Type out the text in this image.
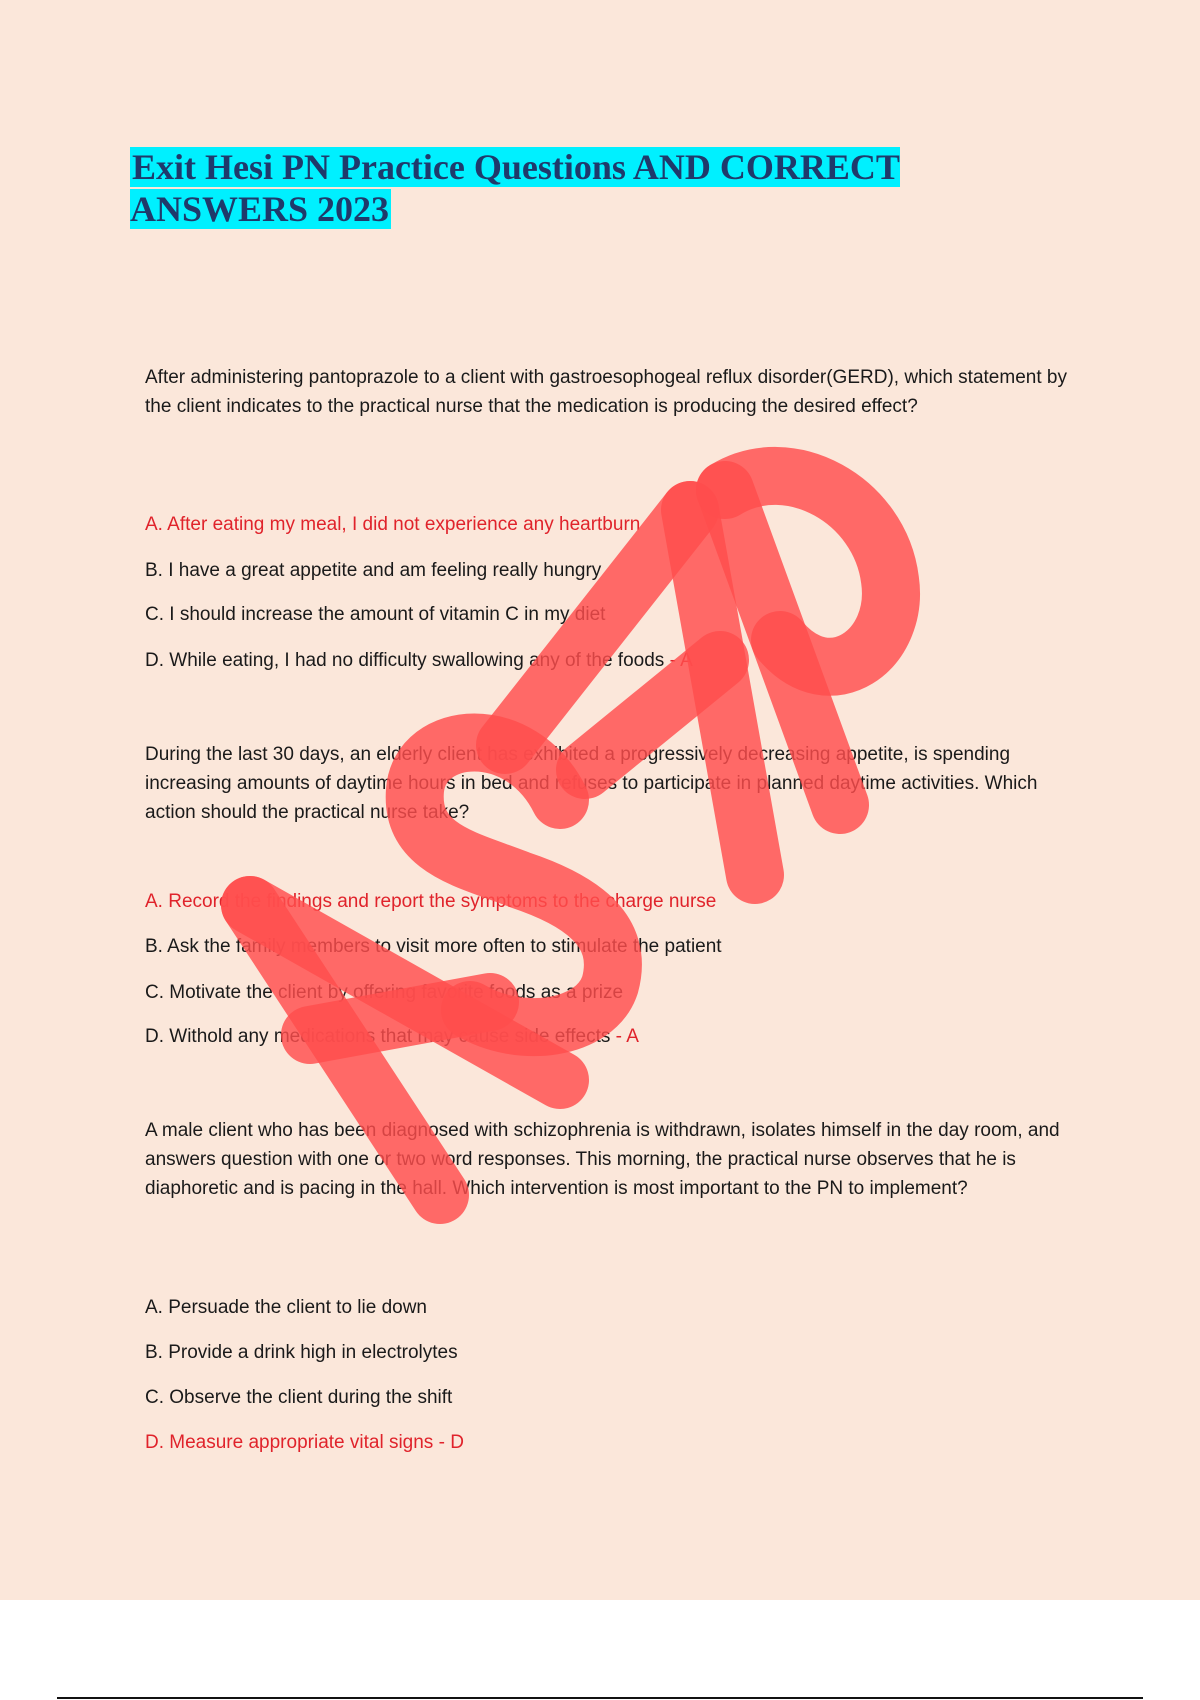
Exit Hesi PN Practice Questions AND CORRECT ANSWERS 2023

After administering pantoprazole to a client with gastroesophogeal reflux disorder(GERD), which statement by the client indicates to the practical nurse that the medication is producing the desired effect?

A. After eating my meal, I did not experience any heartburn

B. I have a great appetite and am feeling really hungry

C. I should increase the amount of vitamin C in my diet

D. While eating, I had no difficulty swallowing any of the foods - A

During the last 30 days, an elderly client has exhibited a progressively decreasing appetite, is spending increasing amounts of daytime hours in bed and refuses to participate in planned daytime activities. Which action should the practical nurse take?

A. Record the findings and report the symptoms to the charge nurse

B. Ask the family members to visit more often to stimulate the patient

C. Motivate the client by offering favorite foods as a prize

D. Withold any medications that may cause side effects - A

A male client who has been diagnosed with schizophrenia is withdrawn, isolates himself in the day room, and answers question with one or two word responses. This morning, the practical nurse observes that he is diaphoretic and is pacing in the hall. Which intervention is most important to the PN to implement?

A. Persuade the client to lie down

B. Provide a drink high in electrolytes

C. Observe the client during the shift

D. Measure appropriate vital signs - D
